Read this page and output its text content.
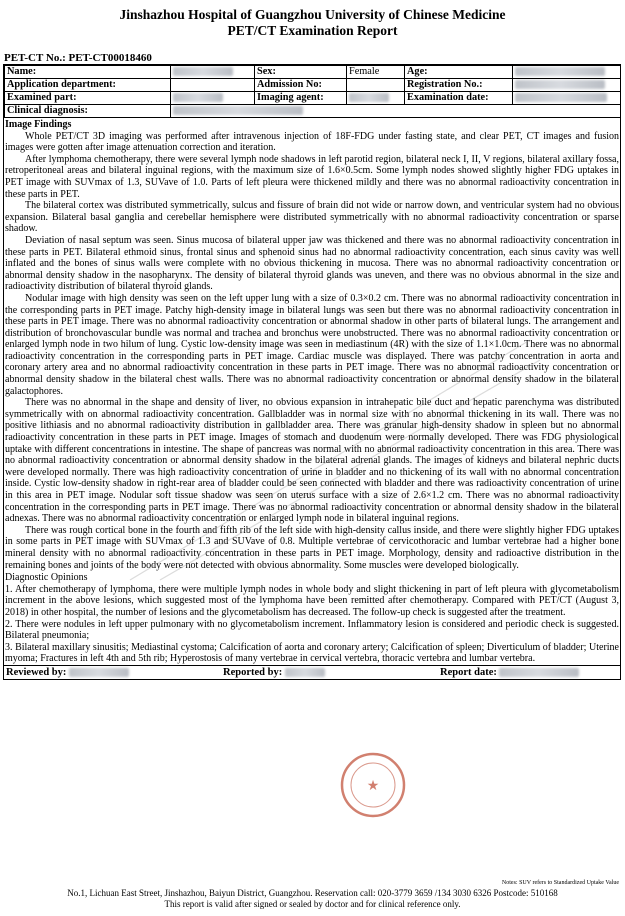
Jinshazhou Hospital of Guangzhou University of Chinese Medicine
PET/CT Examination Report
PET-CT No.: PET-CT00018460
Name:		Sex:	Female	Age:	
Application department:		Admission No:		Registration No.:	
Examined part:		Imaging agent:		Examination date:	
Clinical diagnosis:					
Image Findings

Whole PET/CT 3D imaging was performed after intravenous injection of 18F-FDG under fasting state, and clear PET, CT images and fusion images were gotten after image attenuation correction and iteration.

After lymphoma chemotherapy, there were several lymph node shadows in left parotid region, bilateral neck I, II, V regions, bilateral axillary fossa, retroperitoneal areas and bilateral inguinal regions, with the maximum size of 1.6×0.5cm. Some lymph nodes showed slightly higher FDG uptakes in PET image with SUVmax of 1.3, SUVave of 1.0. Parts of left pleura were thickened mildly and there was no abnormal radioactivity concentration in these parts in PET.

The bilateral cortex was distributed symmetrically, sulcus and fissure of brain did not wide or narrow down, and ventricular system had no obvious expansion. Bilateral basal ganglia and cerebellar hemisphere were distributed symmetrically with no abnormal radioactivity concentration or sparse shadow.

Deviation of nasal septum was seen. Sinus mucosa of bilateral upper jaw was thickened and there was no abnormal radioactivity concentration in these parts in PET. Bilateral ethmoid sinus, frontal sinus and sphenoid sinus had no abnormal radioactivity concentration, each sinus cavity was well inflated and the bones of sinus walls were complete with no obvious thickening in mucosa. There was no abnormal radioactivity concentration or abnormal density shadow in the nasopharynx. The density of bilateral thyroid glands was uneven, and there was no obvious abnormal in the size and radioactivity distribution of bilateral thyroid glands.

Nodular image with high density was seen on the left upper lung with a size of 0.3×0.2 cm. There was no abnormal radioactivity concentration in the corresponding parts in PET image. Patchy high-density image in bilateral lungs was seen but there was no abnormal radioactivity concentration in these parts in PET image. There was no abnormal radioactivity concentration or abnormal shadow in other parts of bilateral lungs. The arrangement and distribution of bronchovascular bundle was normal and trachea and bronchus were unobstructed. There was no abnormal radioactivity concentration or enlarged lymph node in two hilum of lung. Cystic low-density image was seen in mediastinum (4R) with the size of 1.1×1.0cm. There was no abnormal radioactivity concentration in the corresponding parts in PET image. Cardiac muscle was displayed. There was patchy concentration in aorta and coronary artery area and no abnormal radioactivity concentration in these parts in PET image. There was no abnormal radioactivity concentration or abnormal density shadow in the bilateral chest walls. There was no abnormal radioactivity concentration or abnormal density shadow in the bilateral galactophores.

There was no abnormal in the shape and density of liver, no obvious expansion in intrahepatic bile duct and hepatic parenchyma was distributed symmetrically with on abnormal radioactivity concentration. Gallbladder was in normal size with no abnormal thickening in its wall. There was no positive lithiasis and no abnormal radioactivity distribution in gallbladder area. There was granular high-density shadow in spleen but no abnormal radioactivity concentration in these parts in PET image. Images of stomach and duodenum were normally developed. There was FDG physiological uptake with different concentrations in intestine. The shape of pancreas was normal with no abnormal radioactivity concentration in this area. There was no abnormal radioactivity concentration or abnormal density shadow in the bilateral adrenal glands. The images of kidneys and bilateral nephric ducts were developed normally. There was high radioactivity concentration of urine in bladder and no thickening of its wall with no abnormal concentration inside. Cystic low-density shadow in right-rear area of bladder could be seen connected with bladder and there was radioactivity concentration of urine in this area in PET image. Nodular soft tissue shadow was seen on uterus surface with a size of 2.6×1.2 cm. There was no abnormal radioactivity concentration in the corresponding parts in PET image. There was no abnormal radioactivity concentration or abnormal density shadow in the bilateral adnexas. There was no abnormal radioactivity concentration or enlarged lymph node in bilateral inguinal regions.

There was rough cortical bone in the fourth and fifth rib of the left side with high-density callus inside, and there were slightly higher FDG uptakes in some parts in PET image with SUVmax of 1.3 and SUVave of 0.8. Multiple vertebrae of cervicothoracic and lumbar vertebrae had a higher bone mineral density with no abnormal radioactivity concentration in these parts in PET image. Morphology, density and radioactive distribution in the remaining bones and joints of the body were not detected with obvious abnormality. Some muscles were developed biologically.

Diagnostic Opinions

1. After chemotherapy of lymphoma, there were multiple lymph nodes in whole body and slight thickening in part of left pleura with glycometabolism increment in the above lesions, which suggested most of the lymphoma have been remitted after chemotherapy. Compared with PET/CT (August 3, 2018) in other hospital, the number of lesions and the glycometabolism has decreased. The follow-up check is suggested after the treatment.

2. There were nodules in left upper pulmonary with no glycometabolism increment. Inflammatory lesion is considered and periodic check is suggested. Bilateral pneumonia;

3. Bilateral maxillary sinusitis; Mediastinal cystoma; Calcification of aorta and coronary artery; Calcification of spleen; Diverticulum of bladder; Uterine myoma; Fractures in left 4th and 5th rib; Hyperostosis of many vertebrae in cervical vertebra, thoracic vertebra and lumbar vertebra.

Reviewed by:	Reported by:	Report date:
Notes: SUV refers to Standardized Uptake Value
No.1, Lichuan East Street, Jinshazhou, Baiyun District, Guangzhou. Reservation call: 020-3779 3659 /134 3030 6326 Postcode: 510168
This report is valid after signed or sealed by doctor and for clinical reference only.
★
